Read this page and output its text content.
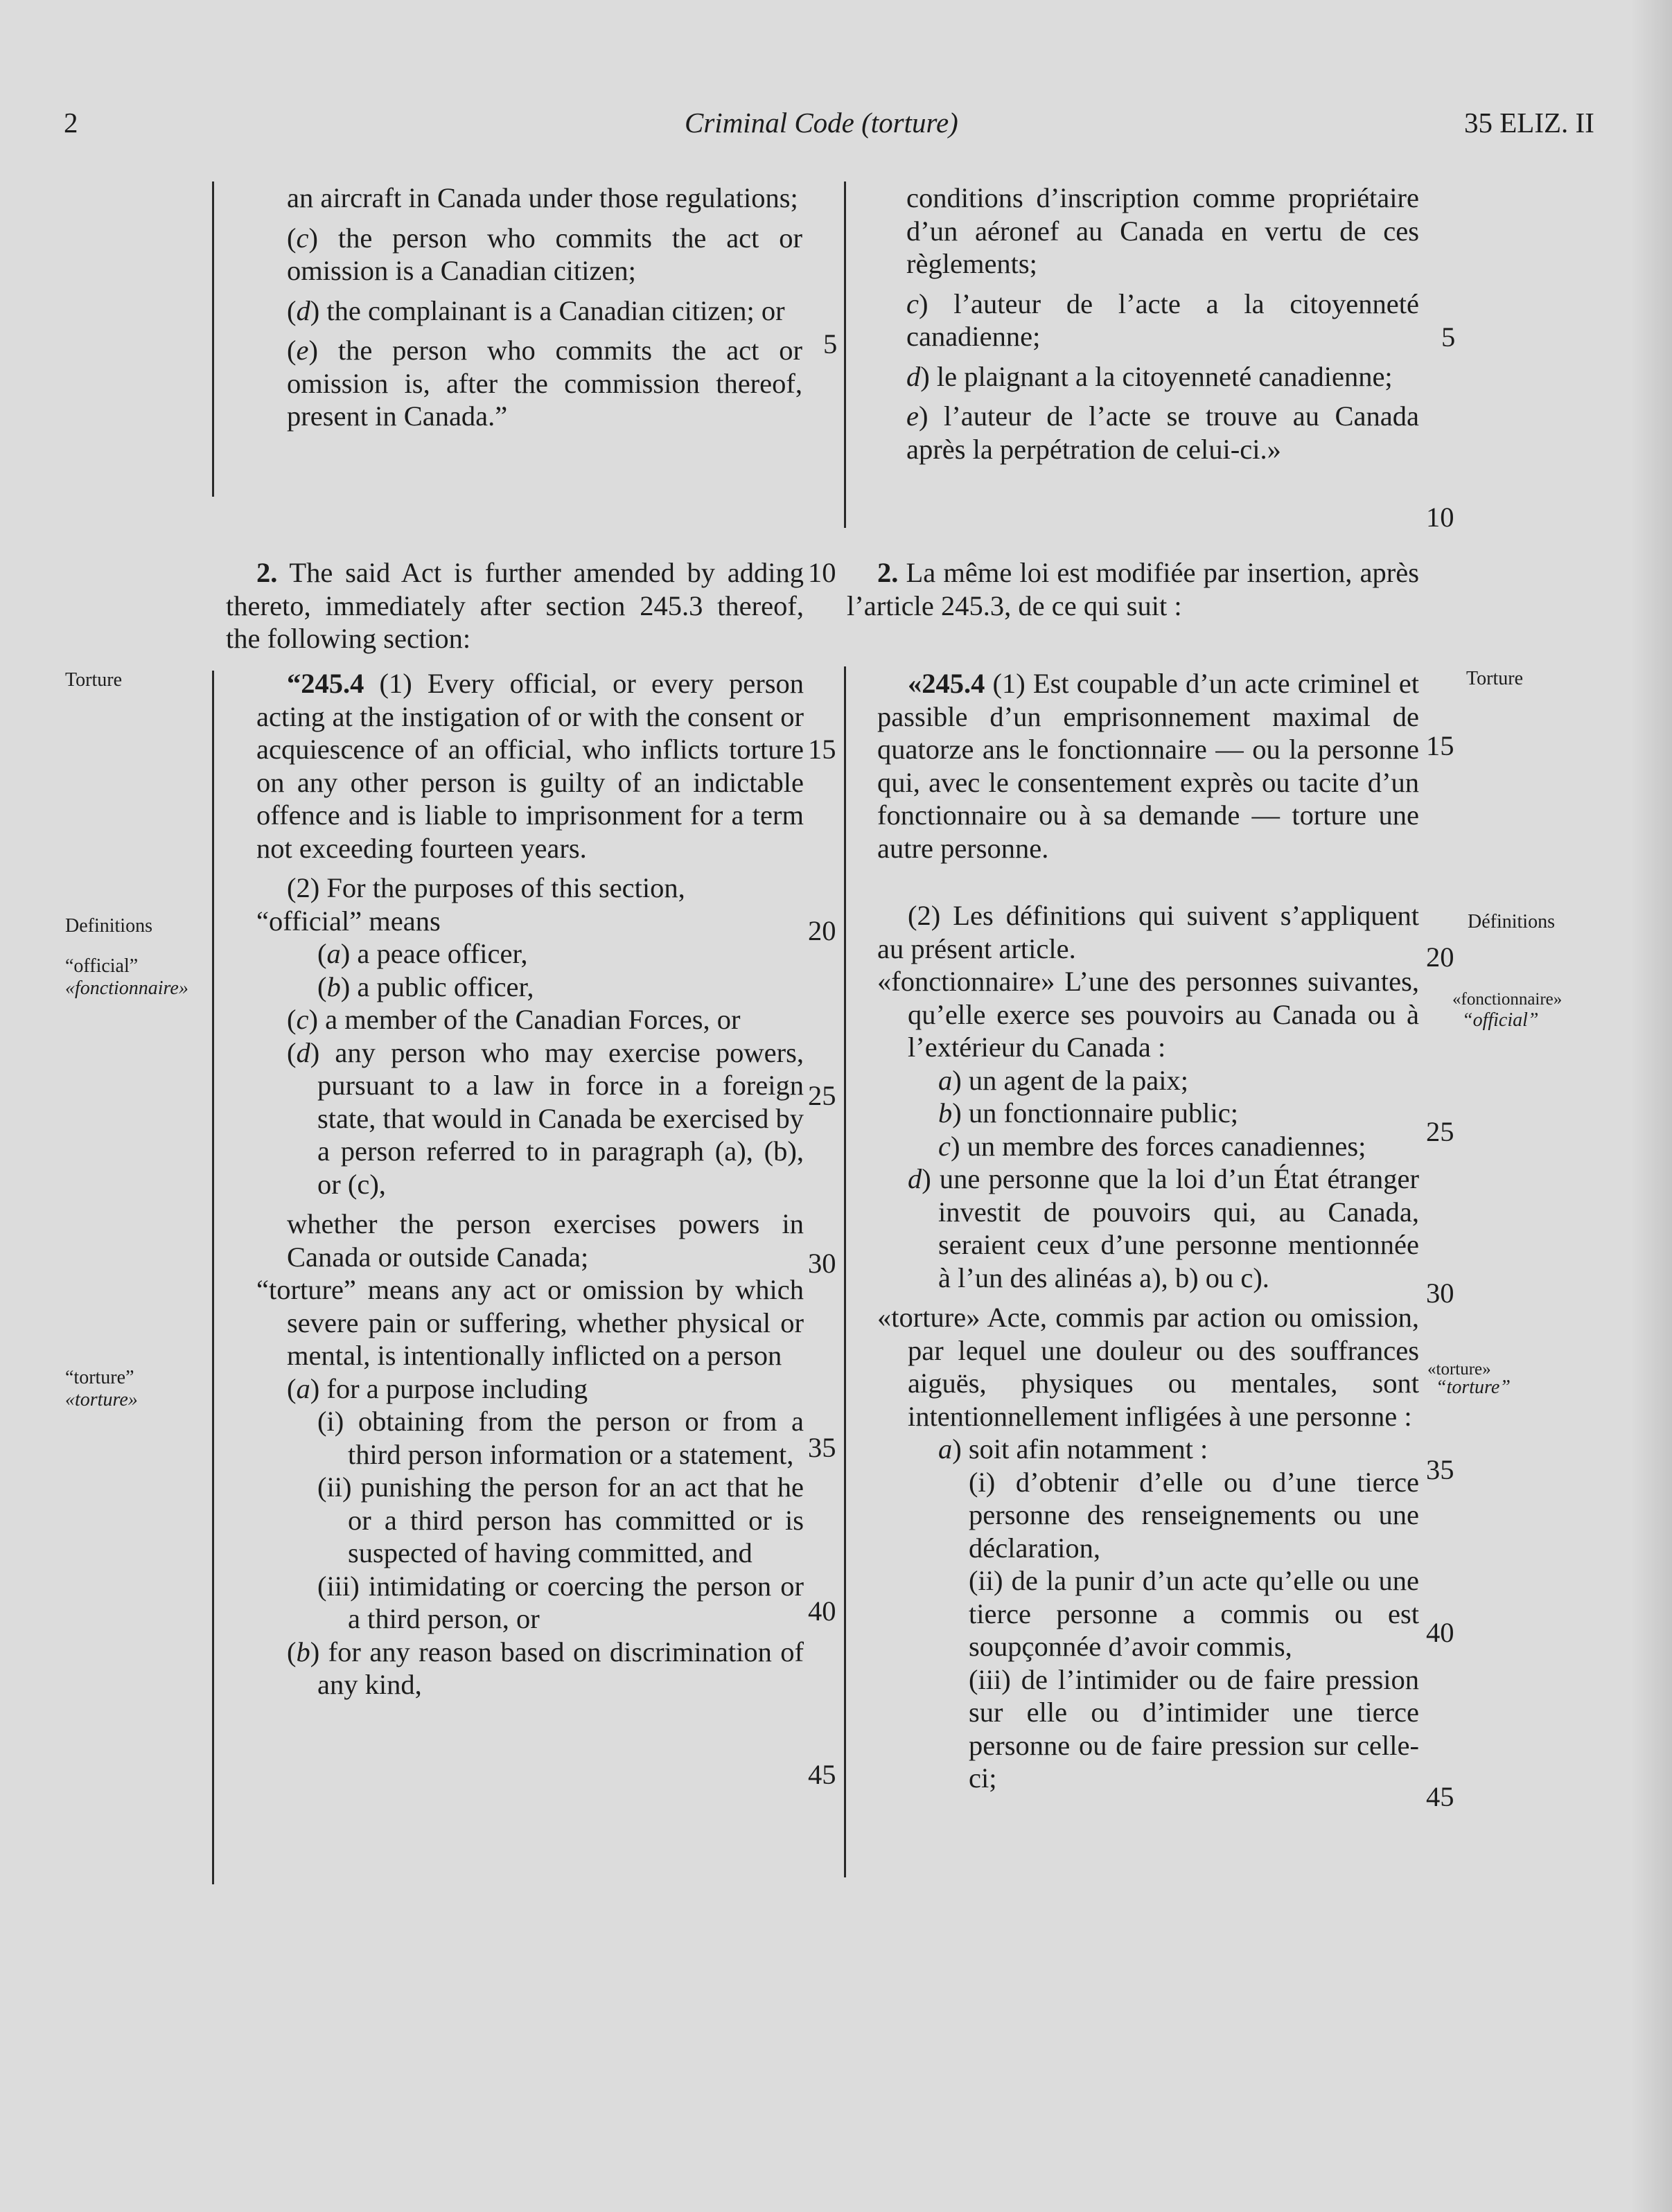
2	Criminal Code (torture)	35 ELIZ. II

an aircraft in Canada under those regulations;

(c) the person who commits the act or omission is a Canadian citizen;

(d) the complainant is a Canadian citizen; or

(e) the person who commits the act or omission is, after the commission thereof, present in Canada.”

conditions d’inscription comme propriétaire d’un aéronef au Canada en vertu de ces règlements;

c) l’auteur de l’acte a la citoyenneté canadienne;

d) le plaignant a la citoyenneté canadienne;

e) l’auteur de l’acte se trouve au Canada après la perpétration de celui-ci.»

2. The said Act is further amended by adding thereto, immediately after section 245.3 thereof, the following section:

2. La même loi est modifiée par insertion, après l’article 245.3, de ce qui suit :

“245.4 (1) Every official, or every person acting at the instigation of or with the consent or acquiescence of an official, who inflicts torture on any other person is guilty of an indictable offence and is liable to imprisonment for a term not exceeding fourteen years.

(2) For the purposes of this section,

“official” means

(a) a peace officer,

(b) a public officer,

(c) a member of the Canadian Forces, or

(d) any person who may exercise powers, pursuant to a law in force in a foreign state, that would in Canada be exercised by a person referred to in paragraph (a), (b), or (c),

whether the person exercises powers in Canada or outside Canada;

“torture” means any act or omission by which severe pain or suffering, whether physical or mental, is intentionally inflicted on a person

(a) for a purpose including

(i) obtaining from the person or from a third person information or a statement,

(ii) punishing the person for an act that he or a third person has committed or is suspected of having committed, and

(iii) intimidating or coercing the person or a third person, or

(b) for any reason based on discrimination of any kind,

«245.4 (1) Est coupable d’un acte criminel et passible d’un emprisonnement maximal de quatorze ans le fonctionnaire — ou la personne qui, avec le consentement exprès ou tacite d’un fonctionnaire ou à sa demande — torture une autre personne.

(2) Les définitions qui suivent s’appliquent au présent article.

«fonctionnaire» L’une des personnes suivantes, qu’elle exerce ses pouvoirs au Canada ou à l’extérieur du Canada :

a) un agent de la paix;

b) un fonctionnaire public;

c) un membre des forces canadiennes;

d) une personne que la loi d’un État étranger investit de pouvoirs qui, au Canada, seraient ceux d’une personne mentionnée à l’un des alinéas a), b) ou c).

«torture» Acte, commis par action ou omission, par lequel une douleur ou des souffrances aiguës, physiques ou mentales, sont intentionnellement infligées à une personne :

a) soit afin notamment :

(i) d’obtenir d’elle ou d’une tierce personne des renseignements ou une déclaration,

(ii) de la punir d’un acte qu’elle ou une tierce personne a commis ou est soupçonnée d’avoir commis,

(iii) de l’intimider ou de faire pression sur elle ou d’intimider une tierce personne ou de faire pression sur celle-ci;

5
10
15
20
25
30
35
40
45
5
10
15
20
25
30
35
40
45
Torture
Definitions
“official”
«fonctionnaire»
“torture”
«torture»
Torture
Définitions
«fonctionnaire»
“official”
«torture»
“torture”
